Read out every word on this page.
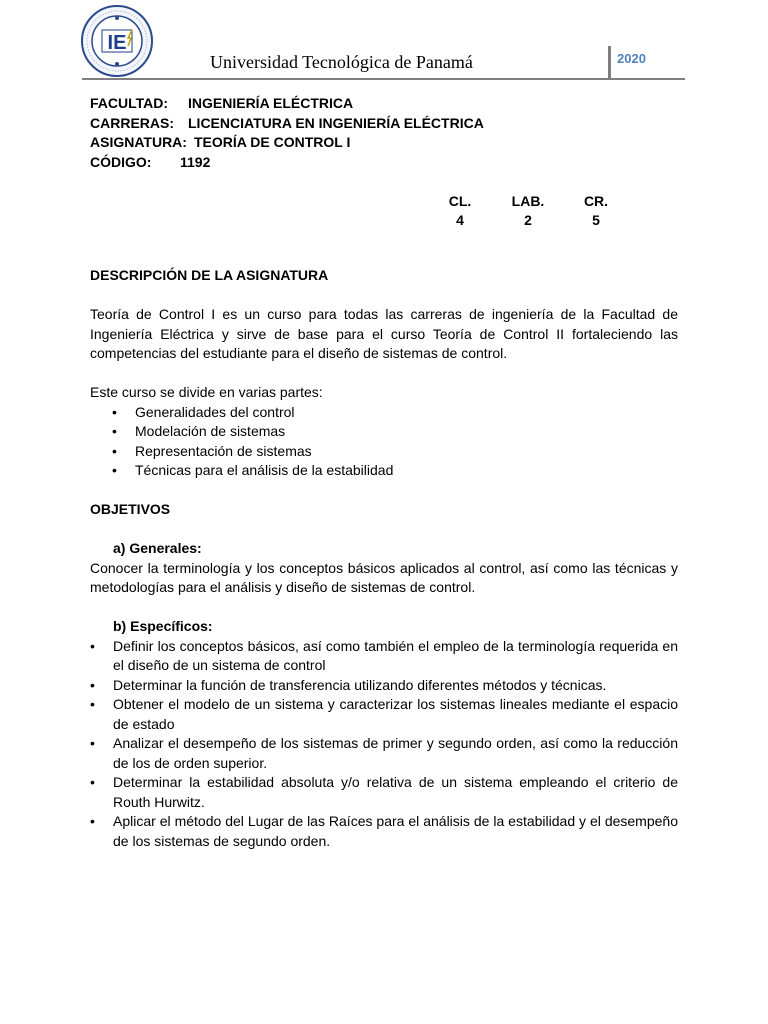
IE
Universidad Tecnológica de Panamá	2020
FACULTAD: INGENIERÍA ELÉCTRICA
CARRERAS: LICENCIATURA EN INGENIERÍA ELÉCTRICA
ASIGNATURA: TEORÍA DE CONTROL I
CÓDIGO: 1192
CL.
4
LAB.
2
CR.
5
DESCRIPCIÓN DE LA ASIGNATURA

Teoría de Control I es un curso para todas las carreras de ingeniería de la Facultad de Ingeniería Eléctrica y sirve de base para el curso Teoría de Control II fortaleciendo las competencias del estudiante para el diseño de sistemas de control.

Este curso se divide en varias partes:

• Generalidades del control
• Modelación de sistemas
• Representación de sistemas
• Técnicas para el análisis de la estabilidad
OBJETIVOS
a) Generales:

Conocer la terminología y los conceptos básicos aplicados al control, así como las técnicas y metodologías para el análisis y diseño de sistemas de control.

b) Específicos:
• Definir los conceptos básicos, así como también el empleo de la terminología requerida en el diseño de un sistema de control
• Determinar la función de transferencia utilizando diferentes métodos y técnicas.
• Obtener el modelo de un sistema y caracterizar los sistemas lineales mediante el espacio de estado
• Analizar el desempeño de los sistemas de primer y segundo orden, así como la reducción de los de orden superior.
• Determinar la estabilidad absoluta y/o relativa de un sistema empleando el criterio de Routh Hurwitz.
• Aplicar el método del Lugar de las Raíces para el análisis de la estabilidad y el desempeño de los sistemas de segundo orden.
